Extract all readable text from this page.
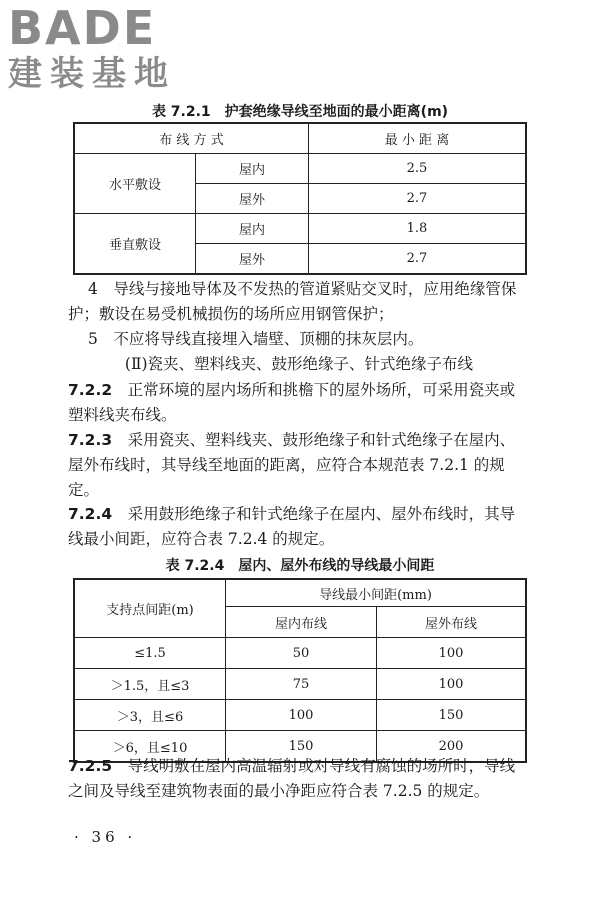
BADE
建装基地
表 7.2.1　护套绝缘导线至地面的最小距离(m)
布 线 方 式		最 小 距 离
水平敷设	屋内	2.5
	屋外	2.7
垂直敷设	屋内	1.8
	屋外	2.7
4　导线与接地导体及不发热的管道紧贴交叉时，应用绝缘管保护；敷设在易受机械损伤的场所应用钢管保护；
5　不应将导线直接埋入墙壁、顶棚的抹灰层内。
(Ⅱ)瓷夹、塑料线夹、鼓形绝缘子、针式绝缘子布线
7.2.2　 正常环境的屋内场所和挑檐下的屋外场所，可采用瓷夹或塑料线夹布线。
7.2.3　 采用瓷夹、塑料线夹、鼓形绝缘子和针式绝缘子在屋内、屋外布线时，其导线至地面的距离，应符合本规范表 7.2.1 的规定。
7.2.4　 采用鼓形绝缘子和针式绝缘子在屋内、屋外布线时，其导线最小间距，应符合表 7.2.4 的规定。
表 7.2.4　屋内、屋外布线的导线最小间距
支持点间距(m)	导线最小间距(mm)	
	屋内布线	屋外布线
≤1.5	50	100
＞1.5，且≤3	75	100
＞3，且≤6	100	150
＞6，且≤10	150	200
7.2.5　 导线明敷在屋内高温辐射或对导线有腐蚀的场所时，导线之间及导线至建筑物表面的最小净距应符合表 7.2.5 的规定。
· 36 ·
